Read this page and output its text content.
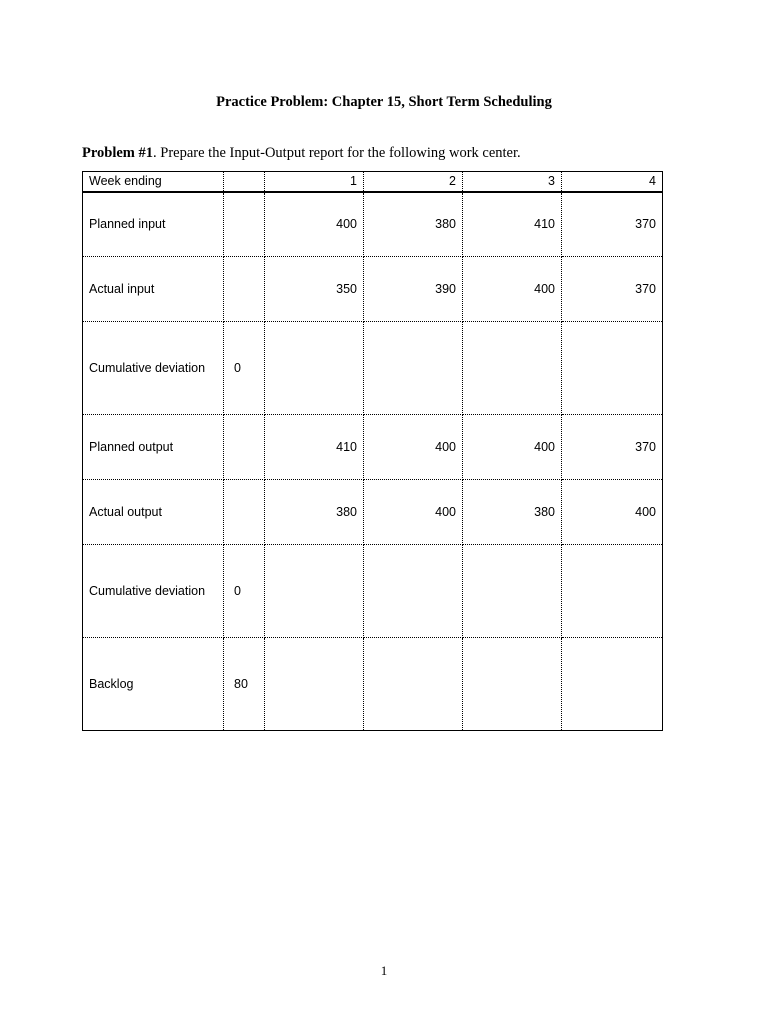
Practice Problem: Chapter 15, Short Term Scheduling
Problem #1. Prepare the Input-Output report for the following work center.
Week ending		1	2	3	4
Planned input		400	380	410	370
Actual input		350	390	400	370
Cumulative deviation	0				
Planned output		410	400	400	370
Actual output		380	400	380	400
Cumulative deviation	0				
Backlog	80				
1
